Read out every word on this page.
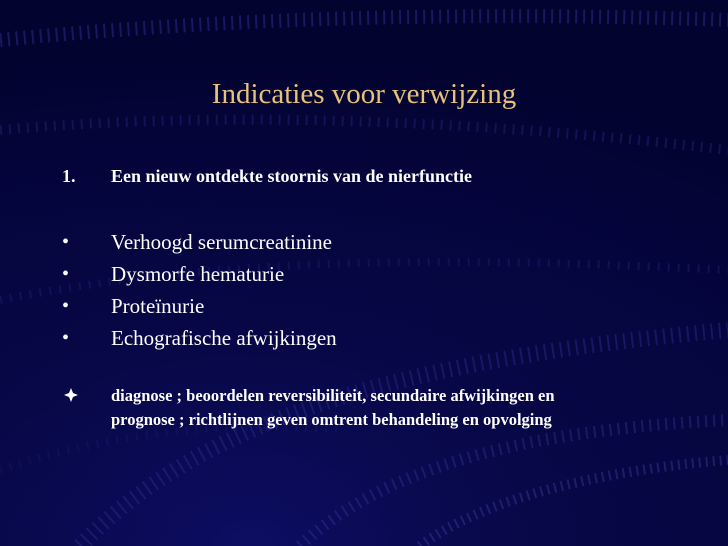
Indicaties voor verwijzing
1. Een nieuw ontdekte stoornis van de nierfunctie
• Verhoogd serumcreatinine
• Dysmorfe hematurie
• Proteïnurie
• Echografische afwijkingen
diagnose ; beoordelen reversibiliteit, secundaire afwijkingen en
prognose ; richtlijnen geven omtrent behandeling en opvolging
